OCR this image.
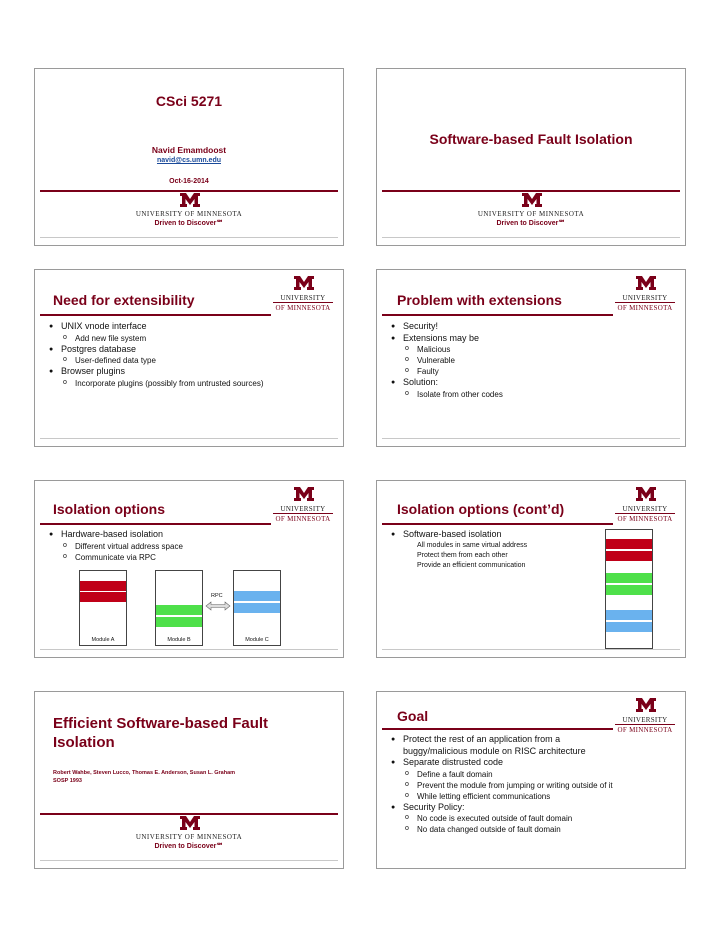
CSci 5271
Navid Emamdoost
navid@cs.umn.edu
Oct-16-2014
UNIVERSITY OF MINNESOTA
Driven to Discover℠
Software-based Fault Isolation
UNIVERSITY OF MINNESOTA
Driven to Discover℠
Need for extensibility	UNIVERSITY
OF MINNESOTA
● UNIX vnode interface
o Add new file system
● Postgres database
o User-defined data type
● Browser plugins
o Incorporate plugins (possibly from untrusted sources)
Problem with extensions	UNIVERSITY
OF MINNESOTA
● Security!
● Extensions may be
o Malicious
o Vulnerable
o Faulty
● Solution:
o Isolate from other codes
Isolation options	UNIVERSITY
OF MINNESOTA
● Hardware-based isolation
o Different virtual address space
o Communicate via RPC
Module A	Module B	Module C
RPC
Isolation options (cont’d)	UNIVERSITY
OF MINNESOTA
● Software-based isolation
All modules in same virtual address
Protect them from each other
Provide an efficient communication
Efficient Software-based Fault
Isolation
Robert Wahbe, Steven Lucco, Thomas E. Anderson, Susan L. Graham
SOSP 1993
UNIVERSITY OF MINNESOTA
Driven to Discover℠
Goal	UNIVERSITY
OF MINNESOTA
● Protect the rest of an application from a buggy/malicious module on RISC architecture
● Separate distrusted code
o Define a fault domain
o Prevent the module from jumping or writing outside of it
o While letting efficient communications
● Security Policy:
o No code is executed outside of fault domain
o No data changed outside of fault domain
